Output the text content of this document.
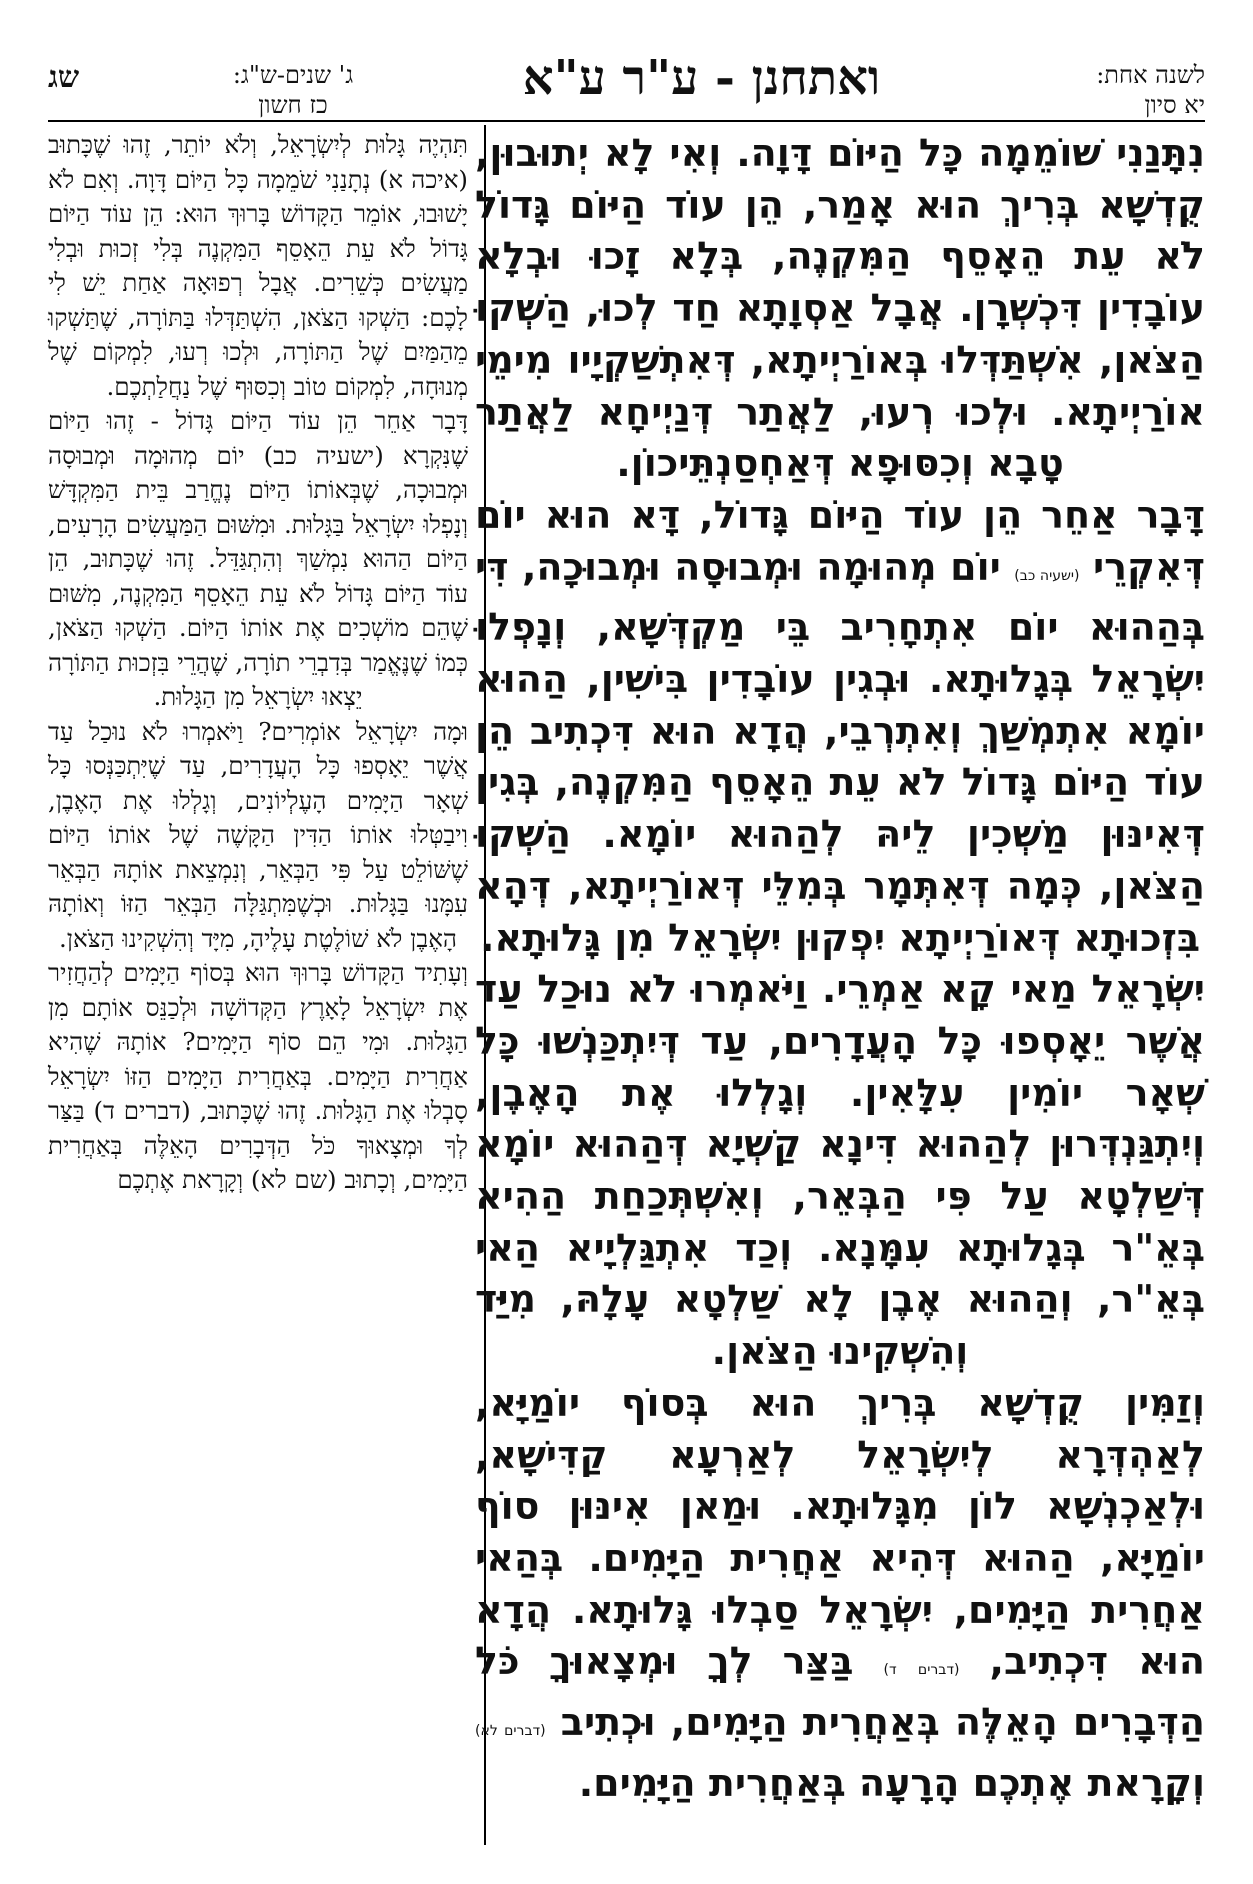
לשנה אחת:
יא סיון
ואתחנן - ע"ר ע"א
שג	ג' שנים-ש"ג:
כז חשון

נִתָּנַנִי שׁוֹמֵמָה כָּל הַיּוֹם דָּוָה. וְאִי לָא יְתוּבוּן, קֻדְשָׁא בְּרִיךְ הוּא אָמַר, הֵן עוֹד הַיּוֹם גָּדוֹל לֹא עֵת הֵאָסֵף הַמִּקְנֶה, בְּלָא זָכוּ וּבְלָא עוֹבָדִין דִּכְשְׁרָן. אֲבָל אַסְוָתָא חַד לְכוּ, הַשְׁקוּ הַצֹּאן, אִשְׁתַּדְּלוּ בְּאוֹרַיְיתָא, דְּאִתְשַׁקְיָיו מִימֵי אוֹרַיְיתָא. וּלְכוּ רְעוּ, לַאֲתַר דְּנַיְיחָא לַאֲתַר טָבָא וְכִסּוּפָא דְּאַחְסַנְתֵּיכוֹן.

דָּבָר אַחֵר הֵן עוֹד הַיּוֹם גָּדוֹל, דָּא הוּא יוֹם דְּאִקְרֵי (ישעיה כב) יוֹם מְהוּמָה וּמְבוּסָה וּמְבוּכָה, דִּי בְּהַהוּא יוֹם אִתְחָרִיב בֵּי מַקְדְּשָׁא, וְנָפְלוּ יִשְׂרָאֵל בְּגָלוּתָא. וּבְגִין עוֹבָדִין בִּישִׁין, הַהוּא יוֹמָא אִתְמְשַׁךְ וְאִתְרְבֵי, הֲדָא הוּא דִּכְתִיב הֵן עוֹד הַיּוֹם גָּדוֹל לֹא עֵת הֵאָסֵף הַמִּקְנֶה, בְּגִין דְּאִינּוּן מַשְׁכִין לֵיהּ לְהַהוּא יוֹמָא. הַשְׁקוּ הַצֹּאן, כְּמָה דְּאִתְּמָר בְּמִלֵּי דְּאוֹרַיְיתָא, דְּהָא בִּזְכוּתָא דְּאוֹרַיְיתָא יִפְקוּן יִשְׂרָאֵל מִן גָּלוּתָא.

יִשְׂרָאֵל מַאי קָא אַמְרֵי. וַיֹּאמְרוּ לֹא נוּכַל עַד אֲשֶׁר יֵאָסְפוּ כָּל הָעֲדָרִים, עַד דְּיִתְכַּנְשׁוּ כָּל שְׁאָר יוֹמִין עִלָּאִין. וְגָלְלוּ אֶת הָאֶבֶן, וְיִתְגַּנְדְּרוּן לְהַהוּא דִּינָא קַשְׁיָא דְּהַהוּא יוֹמָא דְּשַׁלְטָא עַל פִּי הַבְּאֵר, וְאִשְׁתְּכַחַת הַהִיא בְּאֵ"ר בְּגָלוּתָא עִמָּנָא. וְכַד אִתְגַּלְיָיא הַאי בְּאֵ"ר, וְהַהוּא אֶבֶן לָא שַׁלְטָא עָלָהּ, מִיַּד וְהִשְׁקִינוּ הַצֹּאן.

וְזַמִּין קֻדְשָׁא בְּרִיךְ הוּא בְּסוֹף יוֹמַיָּא, לְאַהְדְּרָא לְיִשְׂרָאֵל לְאַרְעָא קַדִּישָׁא, וּלְאַכְנְשָׁא לוֹן מִגָּלוּתָא. וּמַאן אִינּוּן סוֹף יוֹמַיָּא, הַהוּא דְּהִיא אַחֲרִית הַיָּמִים. בְּהַאי אַחֲרִית הַיָּמִים, יִשְׂרָאֵל סַבְלוּ גָּלוּתָא. הֲדָא הוּא דִּכְתִיב, (דברים ד) בַּצַּר לְךָ וּמְצָאוּךָ כֹּל הַדְּבָרִים הָאֵלֶּה בְּאַחֲרִית הַיָּמִים, וּכְתִיב (דברים לא) וְקָרָאת אֶתְכֶם הָרָעָה בְּאַחֲרִית הַיָּמִים.

תִּהְיֶה גָּלוּת לְיִשְׂרָאֵל, וְלֹא יוֹתֵר, זֶהוּ שֶׁכָּתוּב (איכה א) נְתָנַנִי שֹׁמֵמָה כָּל הַיּוֹם דָּוָה. וְאִם לֹא יָשׁוּבוּ, אוֹמֵר הַקָּדוֹשׁ בָּרוּךְ הוּא: הֵן עוֹד הַיּוֹם גָּדוֹל לֹא עֵת הֵאָסֵף הַמִּקְנֶה בְּלִי זְכוּת וּבְלִי מַעֲשִׂים כְּשֵׁרִים. אֲבָל רְפוּאָה אַחַת יֵשׁ לִי לָכֶם: הַשְׁקוּ הַצֹּאן, הִשְׁתַּדְּלוּ בַּתּוֹרָה, שֶׁתַּשְׁקוּ מֵהַמַּיִם שֶׁל הַתּוֹרָה, וּלְכוּ רְעוּ, לִמְקוֹם שֶׁל מְנוּחָה, לִמְקוֹם טוֹב וְכִסּוּף שֶׁל נַחֲלַתְכֶם.

דָּבָר אַחֵר הֵן עוֹד הַיּוֹם גָּדוֹל - זֶהוּ הַיּוֹם שֶׁנִּקְרָא (ישעיה כב) יוֹם מְהוּמָה וּמְבוּסָה וּמְבוּכָה, שֶׁבְּאוֹתוֹ הַיּוֹם נֶחֱרַב בֵּית הַמִּקְדָּשׁ וְנָפְלוּ יִשְׂרָאֵל בַּגָּלוּת. וּמִשּׁוּם הַמַּעֲשִׂים הָרָעִים, הַיּוֹם הַהוּא נִמְשַׁךְ וְהִתְגַּדֵּל. זֶהוּ שֶׁכָּתוּב, הֵן עוֹד הַיּוֹם גָּדוֹל לֹא עֵת הֵאָסֵף הַמִּקְנֶה, מִשּׁוּם שֶׁהֵם מוֹשְׁכִים אֶת אוֹתוֹ הַיּוֹם. הַשְׁקוּ הַצֹּאן, כְּמוֹ שֶׁנֶּאֱמַר בְּדִבְרֵי תוֹרָה, שֶׁהֲרֵי בִּזְכוּת הַתּוֹרָה יֵצְאוּ יִשְׂרָאֵל מִן הַגָּלוּת.

וּמָה יִשְׂרָאֵל אוֹמְרִים? וַיֹּאמְרוּ לֹא נוּכַל עַד אֲשֶׁר יֵאָסְפוּ כָּל הָעֲדָרִים, עַד שֶׁיִּתְכַּנְּסוּ כָּל שְׁאָר הַיָּמִים הָעֶלְיוֹנִים, וְגָלְלוּ אֶת הָאֶבֶן, וִיבַטְּלוּ אוֹתוֹ הַדִּין הַקָּשֶׁה שֶׁל אוֹתוֹ הַיּוֹם שֶׁשּׁוֹלֵט עַל פִּי הַבְּאֵר, וְנִמְצֵאת אוֹתָהּ הַבְּאֵר עִמָּנוּ בַּגָּלוּת. וּכְשֶׁמִּתְגַּלָּה הַבְּאֵר הַזּוֹ וְאוֹתָהּ הָאֶבֶן לֹא שׁוֹלֶטֶת עָלֶיהָ, מִיָּד וְהִשְׁקִינוּ הַצֹּאן.

וְעָתִיד הַקָּדוֹשׁ בָּרוּךְ הוּא בְּסוֹף הַיָּמִים לְהַחֲזִיר אֶת יִשְׂרָאֵל לָאָרֶץ הַקְּדוֹשָׁה וּלְכַנֵּס אוֹתָם מִן הַגָּלוּת. וּמִי הֵם סוֹף הַיָּמִים? אוֹתָהּ שֶׁהִיא אַחֲרִית הַיָּמִים. בְּאַחֲרִית הַיָּמִים הַזּוֹ יִשְׂרָאֵל סָבְלוּ אֶת הַגָּלוּת. זֶהוּ שֶׁכָּתוּב, (דברים ד) בַּצַּר לְךָ וּמְצָאוּךָ כֹּל הַדְּבָרִים הָאֵלֶּה בְּאַחֲרִית הַיָּמִים, וְכָתוּב (שם לא) וְקָרָאת אֶתְכֶם
